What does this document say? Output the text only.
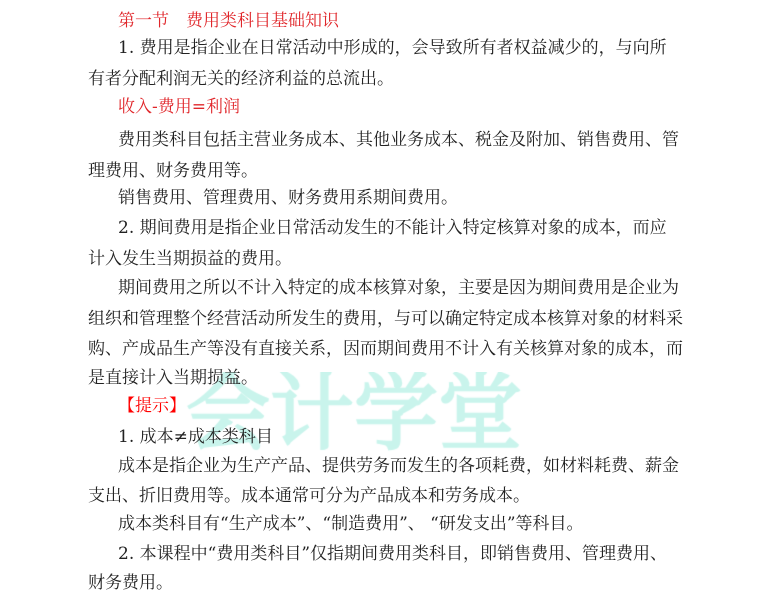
第一节　费用类科目基础知识
1. 费用是指企业在日常活动中形成的，会导致所有者权益减少的，与向所
有者分配利润无关的经济利益的总流出。
收入-费用=利润
费用类科目包括主营业务成本、其他业务成本、税金及附加、销售费用、管
理费用、财务费用等。
销售费用、管理费用、财务费用系期间费用。
2. 期间费用是指企业日常活动发生的不能计入特定核算对象的成本，而应
计入发生当期损益的费用。
期间费用之所以不计入特定的成本核算对象，主要是因为期间费用是企业为
组织和管理整个经营活动所发生的费用，与可以确定特定成本核算对象的材料采
购、产成品生产等没有直接关系，因而期间费用不计入有关核算对象的成本，而
是直接计入当期损益。
【提示】
1. 成本≠成本类科目
成本是指企业为生产产品、提供劳务而发生的各项耗费，如材料耗费、薪金
支出、折旧费用等。成本通常可分为产品成本和劳务成本。
成本类科目有“生产成本”、“制造费用”、 “研发支出”等科目。
2. 本课程中“费用类科目”仅指期间费用类科目，即销售费用、管理费用、
财务费用。
